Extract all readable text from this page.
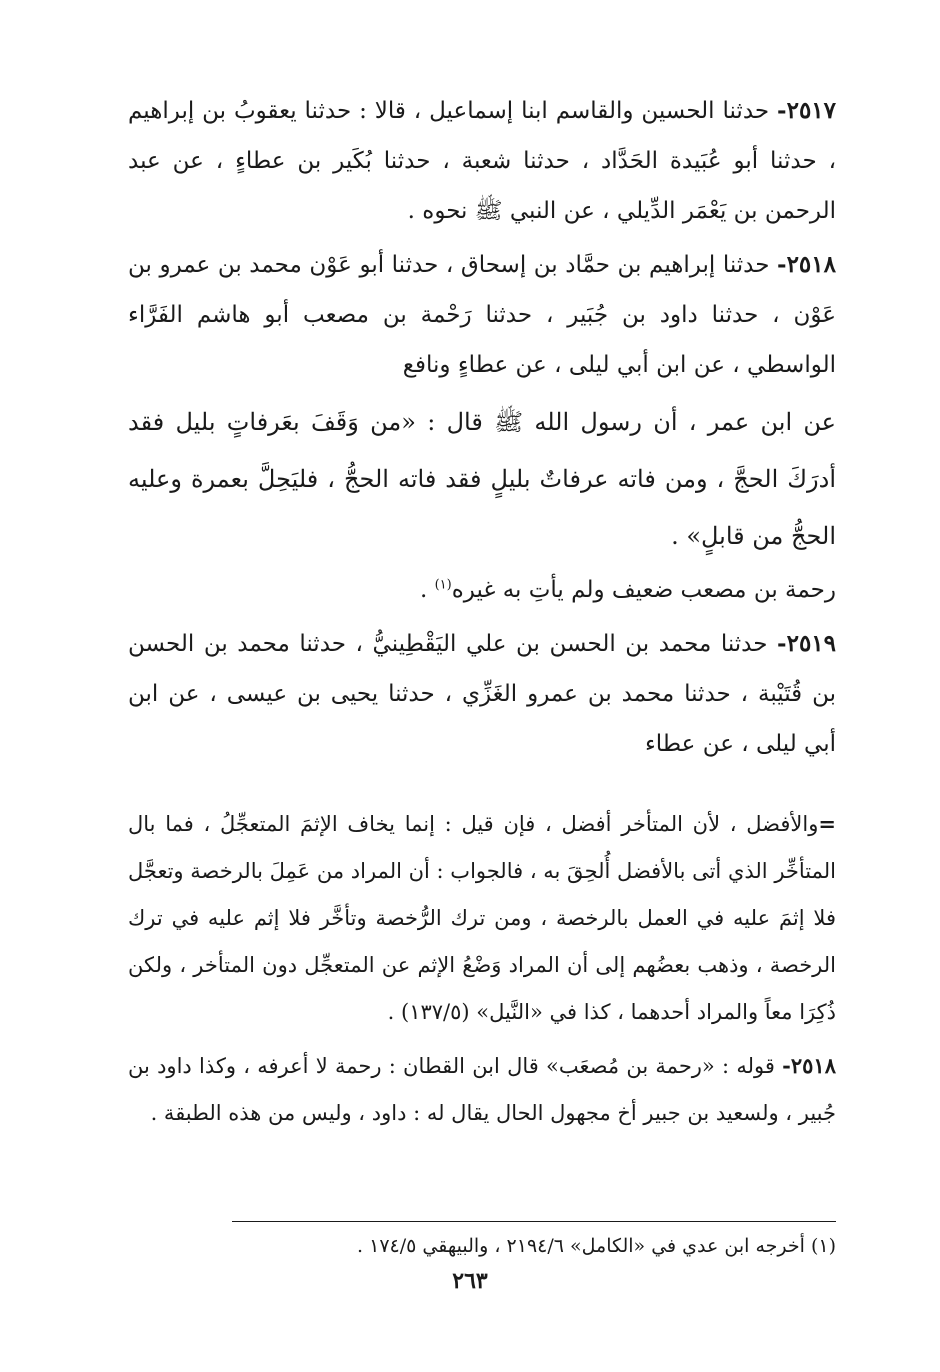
٢٥١٧- حدثنا الحسين والقاسم ابنا إسماعيل ، قالا : حدثنا يعقوبُ بن إبراهيم ، حدثنا أبو عُبَيدة الحَدَّاد ، حدثنا شعبة ، حدثنا بُكَير بن عطاءٍ ، عن عبد الرحمن بن يَعْمَر الدِّيلي ، عن النبي ﷺ نحوه .

٢٥١٨- حدثنا إبراهيم بن حمَّاد بن إسحاق ، حدثنا أبو عَوْن محمد بن عمرو بن عَوْن ، حدثنا داود بن جُبَير ، حدثنا رَحْمة بن مصعب أبو هاشم الفَرَّاء الواسطي ، عن ابن أبي ليلى ، عن عطاءٍ ونافع

عن ابن عمر ، أن رسول الله ﷺ قال : «من وَقَفَ بعَرفاتٍ بليل فقد أدرَكَ الحجَّ ، ومن فاته عرفاتٌ بليلٍ فقد فاته الحجُّ ، فليَحِلَّ بعمرة وعليه الحجُّ من قابلٍ» .

رحمة بن مصعب ضعيف ولم يأتِ به غيره$^{(١)}$ .

٢٥١٩- حدثنا محمد بن الحسن بن علي اليَقْطِينيُّ ، حدثنا محمد بن الحسن بن قُتَيْبة ، حدثنا محمد بن عمرو الغَزِّي ، حدثنا يحيى بن عيسى ، عن ابن أبي ليلى ، عن عطاء

=والأفضل ، لأن المتأخر أفضل ، فإن قيل : إنما يخاف الإثمَ المتعجِّلُ ، فما بال المتأخِّر الذي أتى بالأفضل أُلحِقَ به ، فالجواب : أن المراد من عَمِلَ بالرخصة وتعجَّل فلا إثمَ عليه في العمل بالرخصة ، ومن ترك الرُّخصة وتأخَّر فلا إثم عليه في ترك الرخصة ، وذهب بعضُهم إلى أن المراد وَضْعُ الإثم عن المتعجِّل دون المتأخر ، ولكن ذُكِرَا معاً والمراد أحدهما ، كذا في «النَّيل» (١٣٧/٥) .

٢٥١٨- قوله : «رحمة بن مُصعَب» قال ابن القطان : رحمة لا أعرفه ، وكذا داود بن جُبير ، ولسعيد بن جبير أخ مجهول الحال يقال له : داود ، وليس من هذه الطبقة .

(١) أخرجه ابن عدي في «الكامل» ٢١٩٤/٦ ، والبيهقي ١٧٤/٥ .
٢٦٣
